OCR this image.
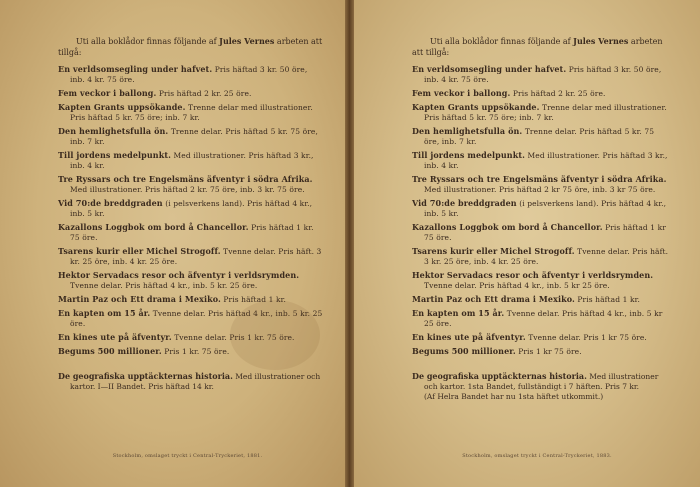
Uti alla boklådor finnas följande af Jules Vernes arbeten att tillgå:

En verldsomsegling under hafvet. Pris häftad 3 kr. 50 öre, inb. 4 kr. 75 öre.
Fem veckor i ballong. Pris häftad 2 kr. 25 öre.
Kapten Grants uppsökande. Trenne delar med illustrationer. Pris häftad 5 kr. 75 öre; inb. 7 kr.
Den hemlighetsfulla ön. Trenne delar. Pris häftad 5 kr. 75 öre, inb. 7 kr.
Till jordens medelpunkt. Med illustrationer. Pris häftad 3 kr., inb. 4 kr.
Tre Ryssars och tre Engelsmäns äfventyr i södra Afrika. Med illustrationer. Pris häftad 2 kr. 75 öre, inb. 3 kr. 75 öre.
Vid 70:de breddgraden (i pelsverkens land). Pris häftad 4 kr., inb. 5 kr.
Kazallons Loggbok om bord å Chancellor. Pris häftad 1 kr. 75 öre.
Tsarens kurir eller Michel Strogoff. Tvenne delar. Pris häft. 3 kr. 25 öre, inb. 4 kr. 25 öre.
Hektor Servadacs resor och äfventyr i verldsrymden. Tvenne delar. Pris häftad 4 kr., inb. 5 kr. 25 öre.
Martin Paz och Ett drama i Mexiko. Pris häftad 1 kr.
En kapten om 15 år. Tvenne delar. Pris häftad 4 kr., inb. 5 kr. 25 öre.
En kines ute på äfventyr. Tvenne delar. Pris 1 kr. 75 öre.
Begums 500 millioner. Pris 1 kr. 75 öre.
De geografiska upptäckternas historia. Med illustrationer och kartor. I—II Bandet. Pris häftad 14 kr.
Stockholm, omslaget tryckt i Central-Tryckeriet, 1881.

Uti alla boklådor finnas följande af Jules Vernes arbeten att tillgå:

En verldsomsegling under hafvet. Pris häftad 3 kr. 50 öre, inb. 4 kr. 75 öre.
Fem veckor i ballong. Pris häftad 2 kr. 25 öre.
Kapten Grants uppsökande. Trenne delar med illustrationer. Pris häftad 5 kr. 75 öre; inb. 7 kr.
Den hemlighetsfulla ön. Trenne delar. Pris häftad 5 kr. 75 öre, inb. 7 kr.
Till jordens medelpunkt. Med illustrationer. Pris häftad 3 kr., inb. 4 kr.
Tre Ryssars och tre Engelsmäns äfventyr i södra Afrika. Med illustrationer. Pris häftad 2 kr 75 öre, inb. 3 kr 75 öre.
Vid 70:de breddgraden (i pelsverkens land). Pris häftad 4 kr., inb. 5 kr.
Kazallons Loggbok om bord å Chancellor. Pris häftad 1 kr 75 öre.
Tsarens kurir eller Michel Strogoff. Tvenne delar. Pris häft. 3 kr. 25 öre, inb. 4 kr. 25 öre.
Hektor Servadacs resor och äfventyr i verldsrymden. Tvenne delar. Pris häftad 4 kr., inb. 5 kr 25 öre.
Martin Paz och Ett drama i Mexiko. Pris häftad 1 kr.
En kapten om 15 år. Tvenne delar. Pris häftad 4 kr., inb. 5 kr 25 öre.
En kines ute på äfventyr. Tvenne delar. Pris 1 kr 75 öre.
Begums 500 millioner. Pris 1 kr 75 öre.
De geografiska upptäckternas historia. Med illustrationer och kartor. 1sta Bandet, fullständigt i 7 häften. Pris 7 kr.
(Af Helra Bandet har nu 1sta häftet utkommit.)
Stockholm, omslaget tryckt i Central-Tryckeriet, 1883.
